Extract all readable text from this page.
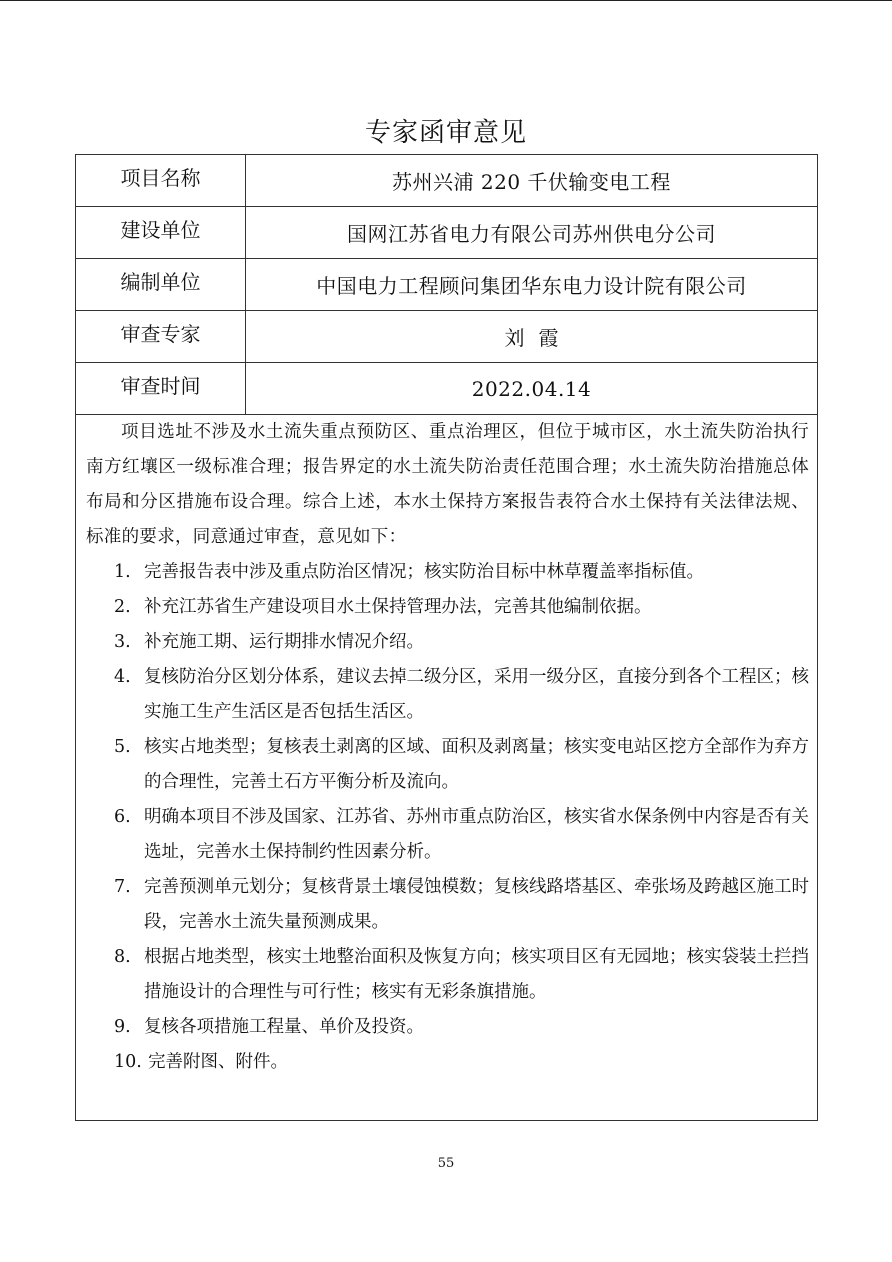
专家函审意见
项目名称	苏州兴浦 220 千伏输变电工程
建设单位	国网江苏省电力有限公司苏州供电分公司
编制单位	中国电力工程顾问集团华东电力设计院有限公司
审查专家	刘霞
审查时间	2022.04.14

项目选址不涉及水土流失重点预防区、重点治理区，但位于城市区，水土流失防治执行南方红壤区一级标准合理；报告界定的水土流失防治责任范围合理；水土流失防治措施总体布局和分区措施布设合理。综合上述，本水土保持方案报告表符合水土保持有关法律法规、标准的要求，同意通过审查，意见如下：

1. 完善报告表中涉及重点防治区情况；核实防治目标中林草覆盖率指标值。
2. 补充江苏省生产建设项目水土保持管理办法，完善其他编制依据。
3. 补充施工期、运行期排水情况介绍。
4. 复核防治分区划分体系，建议去掉二级分区，采用一级分区，直接分到各个工程区；核实施工生产生活区是否包括生活区。
5. 核实占地类型；复核表土剥离的区域、面积及剥离量；核实变电站区挖方全部作为弃方的合理性，完善土石方平衡分析及流向。
6. 明确本项目不涉及国家、江苏省、苏州市重点防治区，核实省水保条例中内容是否有关选址，完善水土保持制约性因素分析。
7. 完善预测单元划分；复核背景土壤侵蚀模数；复核线路塔基区、牵张场及跨越区施工时段，完善水土流失量预测成果。
8. 根据占地类型，核实土地整治面积及恢复方向；核实项目区有无园地；核实袋装土拦挡措施设计的合理性与可行性；核实有无彩条旗措施。
9. 复核各项措施工程量、单价及投资。
10. 完善附图、附件。
55
